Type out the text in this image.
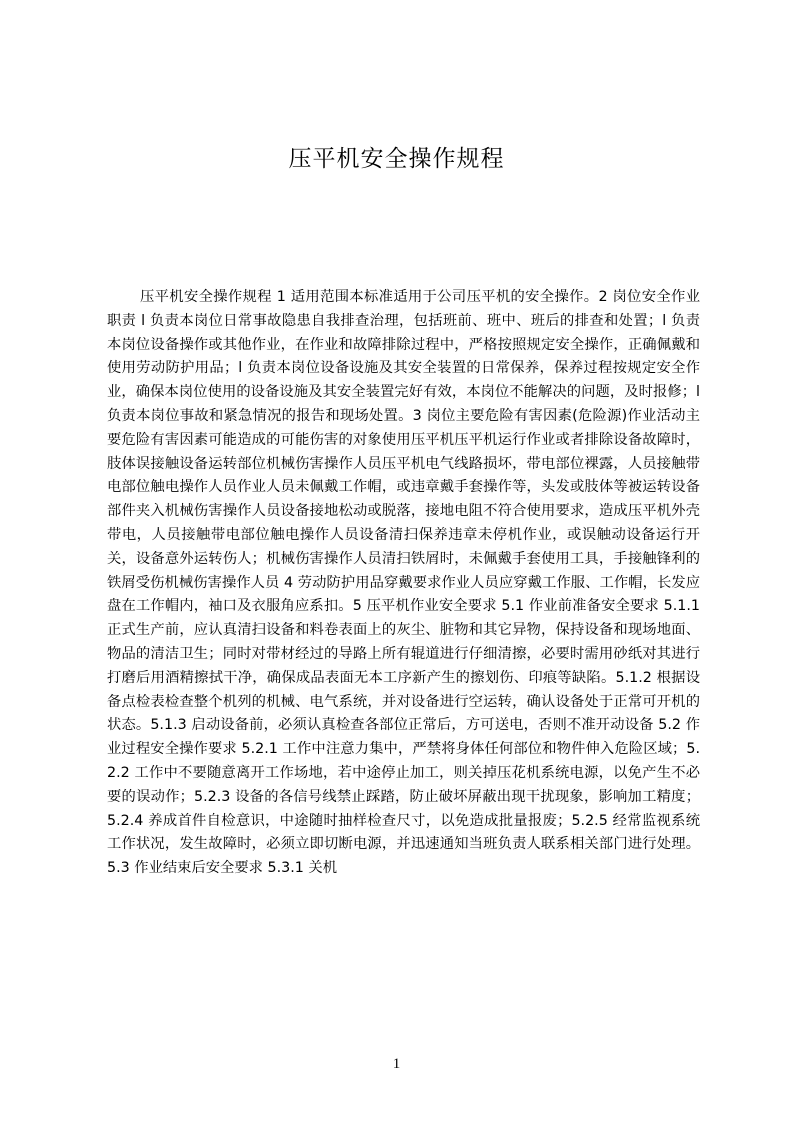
压平机安全操作规程

压平机安全操作规程 1 适用范围本标准适用于公司压平机的安全操作。2 岗位安全作业职责 l 负责本岗位日常事故隐患自我排查治理，包括班前、班中、班后的排查和处置；l 负责本岗位设备操作或其他作业，在作业和故障排除过程中，严格按照规定安全操作，正确佩戴和使用劳动防护用品；l 负责本岗位设备设施及其安全装置的日常保养，保养过程按规定安全作业，确保本岗位使用的设备设施及其安全装置完好有效，本岗位不能解决的问题，及时报修；l 负责本岗位事故和紧急情况的报告和现场处置。3 岗位主要危险有害因素(危险源)作业活动主要危险有害因素可能造成的可能伤害的对象使用压平机压平机运行作业或者排除设备故障时，肢体误接触设备运转部位机械伤害操作人员压平机电气线路损坏，带电部位裸露，人员接触带电部位触电操作人员作业人员未佩戴工作帽，或违章戴手套操作等，头发或肢体等被运转设备部件夹入机械伤害操作人员设备接地松动或脱落，接地电阻不符合使用要求，造成压平机外壳带电，人员接触带电部位触电操作人员设备清扫保养违章未停机作业，或误触动设备运行开关，设备意外运转伤人；机械伤害操作人员清扫铁屑时，未佩戴手套使用工具，手接触锋利的铁屑受伤机械伤害操作人员 4 劳动防护用品穿戴要求作业人员应穿戴工作服、工作帽，长发应盘在工作帽内，袖口及衣服角应系扣。5 压平机作业安全要求 5.1 作业前准备安全要求 5.1.1 正式生产前，应认真清扫设备和料卷表面上的灰尘、脏物和其它异物，保持设备和现场地面、物品的清洁卫生；同时对带材经过的导路上所有辊道进行仔细清擦，必要时需用砂纸对其进行打磨后用酒精擦拭干净，确保成品表面无本工序新产生的擦划伤、印痕等缺陷。5.1.2 根据设备点检表检查整个机列的机械、电气系统，并对设备进行空运转，确认设备处于正常可开机的状态。5.1.3 启动设备前，必须认真检查各部位正常后，方可送电，否则不准开动设备 5.2 作业过程安全操作要求 5.2.1 工作中注意力集中，严禁将身体任何部位和物件伸入危险区域；5.2.2 工作中不要随意离开工作场地，若中途停止加工，则关掉压花机系统电源，以免产生不必要的误动作；5.2.3 设备的各信号线禁止踩踏，防止破坏屏蔽出现干扰现象，影响加工精度；5.2.4 养成首件自检意识，中途随时抽样检查尺寸，以免造成批量报废；5.2.5 经常监视系统工作状况，发生故障时，必须立即切断电源，并迅速通知当班负责人联系相关部门进行处理。5.3 作业结束后安全要求 5.3.1 关机

1
